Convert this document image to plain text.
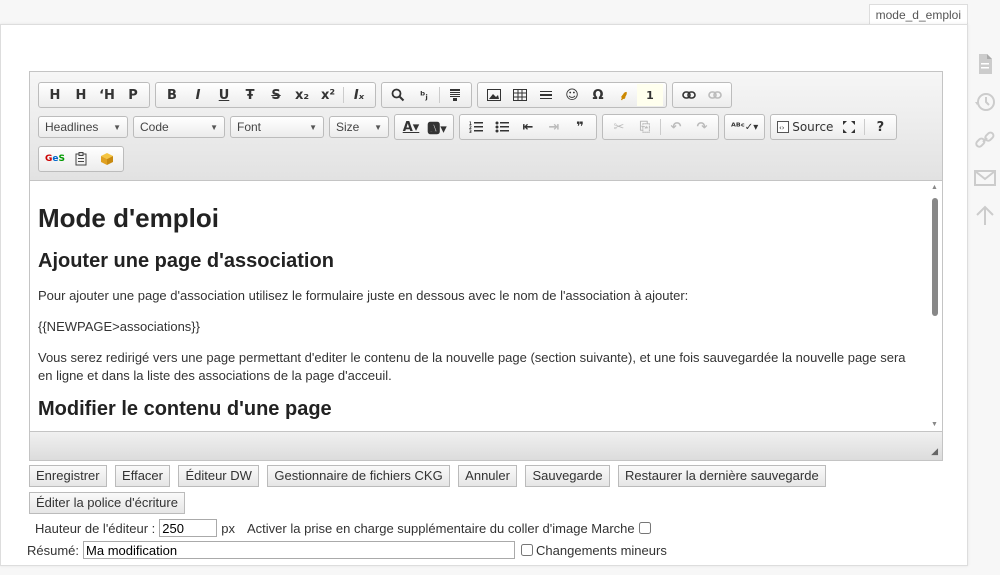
mode_d_emploi
H	H ʻH	P	B	I	U	Ŧ	S	x₂ x²	Iₓ	ᵇⱼ	☺	Ω	⸙	1
Headlines ▼ Code	▼ Font	▼ Size ▼	A▾ 🅰▾	1
2
3	⇤	⇥	❞	✂	⎘	↶	↷	ᴬᴮᶜ✓▾	‹› Source	?
G e S
Mode d'emploi
Ajouter une page d'association

Pour ajouter une page d'association utilisez le formulaire juste en dessous avec le nom de l'association à ajouter:

{{NEWPAGE>associations}}

Vous serez redirigé vers une page permettant d'editer le contenu de la nouvelle page (section suivante), et une fois sauvegardée la nouvelle page sera en ligne et dans la liste des associations de la page d'acceuil.

Modifier le contenu d'une page
▲
▼
◢
Enregistrer Effacer Éditeur DW Gestionnaire de fichiers CKG Annuler Sauvegarde Restaurer la dernière sauvegarde
Éditer la police d'écriture
Hauteur de l'éditeur :
250	px Activer la prise en charge supplémentaire du coller d'image Marche
Résumé:
Ma modification	Changements mineurs
